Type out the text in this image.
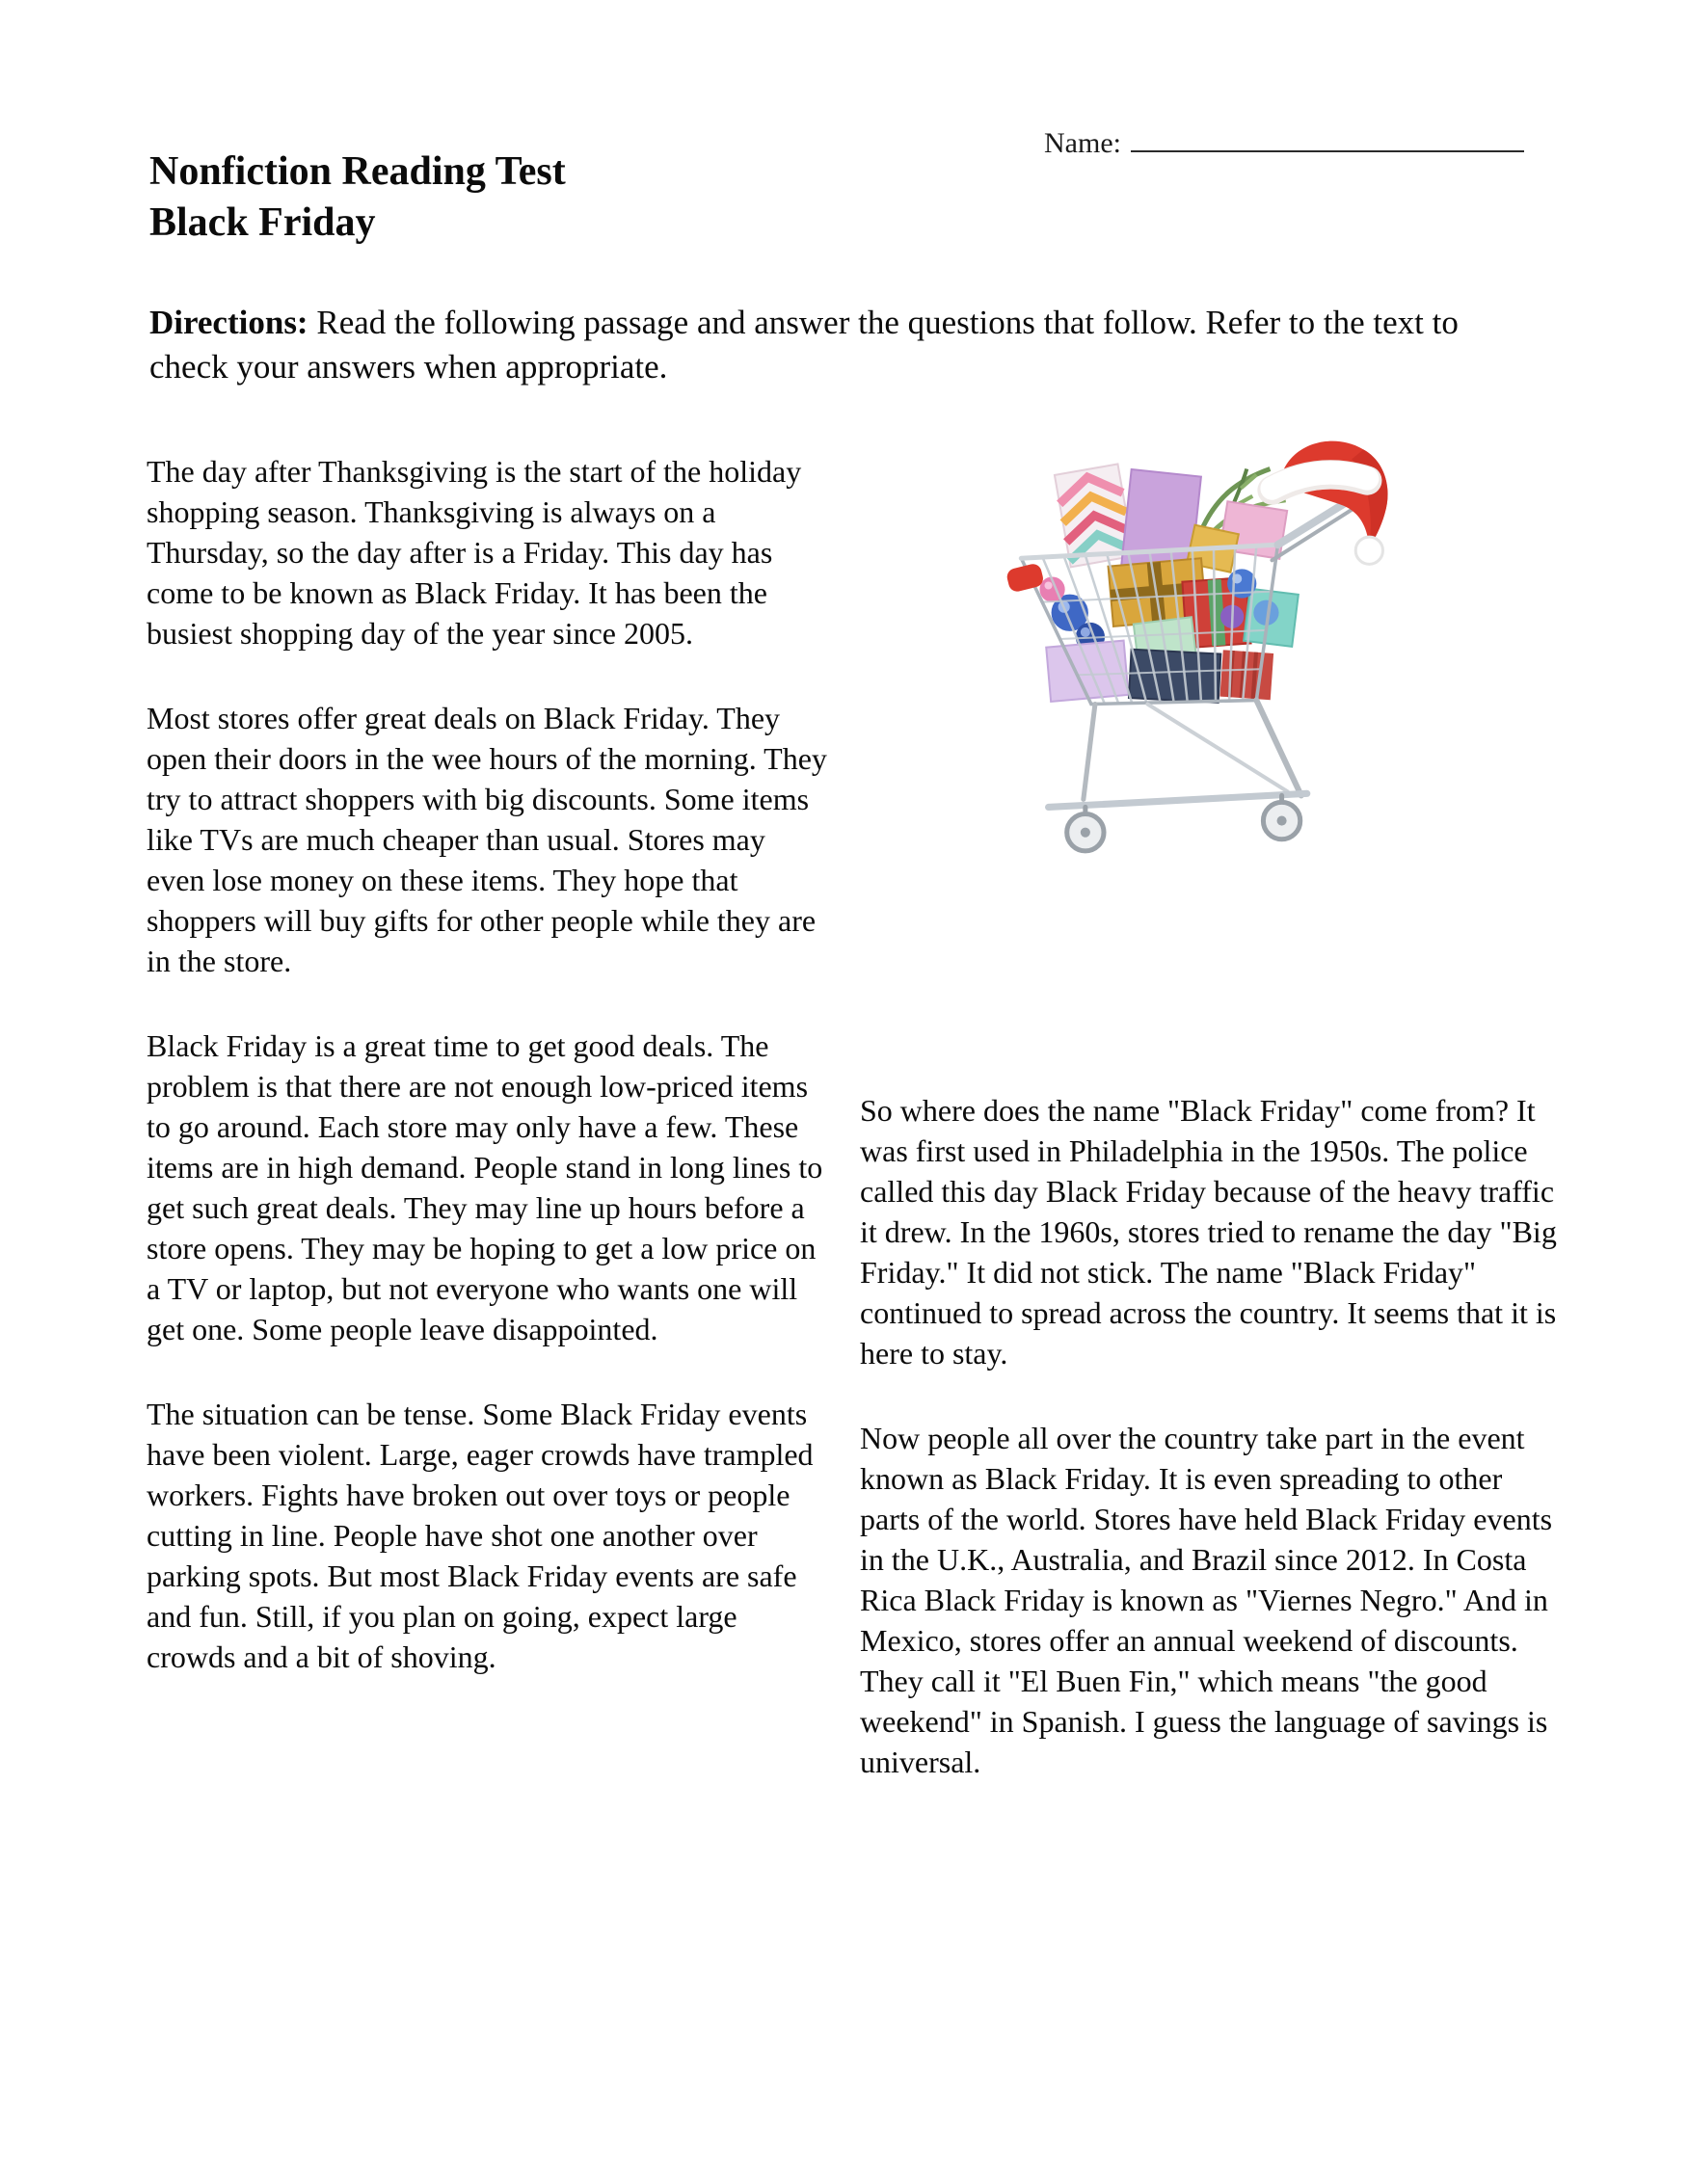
Name:
Nonfiction Reading Test
Black Friday
Directions: Read the following passage and answer the questions that follow. Refer to the text to check your answers when appropriate.

The day after Thanksgiving is the start of the holiday shopping season. Thanksgiving is always on a Thursday, so the day after is a Friday. This day has come to be known as Black Friday. It has been the busiest shopping day of the year since 2005.

Most stores offer great deals on Black Friday. They open their doors in the wee hours of the morning. They try to attract shoppers with big discounts. Some items like TVs are much cheaper than usual. Stores may even lose money on these items. They hope that shoppers will buy gifts for other people while they are in the store.

Black Friday is a great time to get good deals. The problem is that there are not enough low-priced items to go around. Each store may only have a few. These items are in high demand. People stand in long lines to get such great deals. They may line up hours before a store opens. They may be hoping to get a low price on a TV or laptop, but not everyone who wants one will get one. Some people leave disappointed.

The situation can be tense. Some Black Friday events have been violent. Large, eager crowds have trampled workers. Fights have broken out over toys or people cutting in line. People have shot one another over parking spots. But most Black Friday events are safe and fun. Still, if you plan on going, expect large crowds and a bit of shoving.

So where does the name "Black Friday" come from? It was first used in Philadelphia in the 1950s. The police called this day Black Friday because of the heavy traffic it drew. In the 1960s, stores tried to rename the day "Big Friday." It did not stick. The name "Black Friday" continued to spread across the country. It seems that it is here to stay.

Now people all over the country take part in the event known as Black Friday. It is even spreading to other parts of the world. Stores have held Black Friday events in the U.K., Australia, and Brazil since 2012. In Costa Rica Black Friday is known as "Viernes Negro." And in Mexico, stores offer an annual weekend of discounts. They call it "El Buen Fin," which means "the good weekend" in Spanish. I guess the language of savings is universal.
